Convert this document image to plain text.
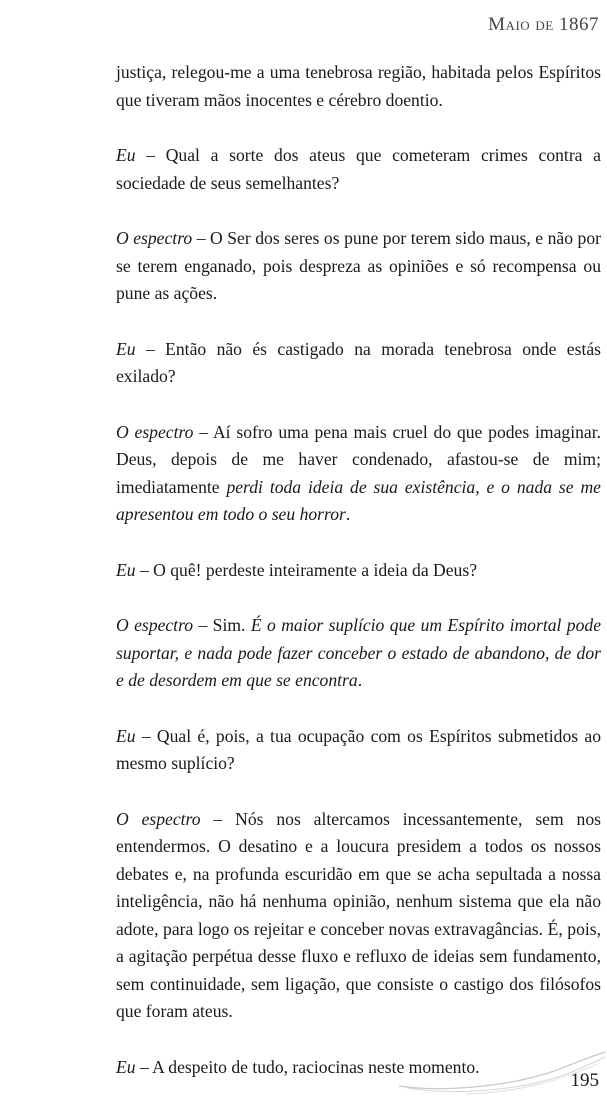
Maio de 1867

justiça, relegou-me a uma tenebrosa região, habitada pelos Espíritos que tiveram mãos inocentes e cérebro doentio.

Eu – Qual a sorte dos ateus que cometeram crimes contra a sociedade de seus semelhantes?

O espectro – O Ser dos seres os pune por terem sido maus, e não por se terem enganado, pois despreza as opiniões e só recompensa ou pune as ações.

Eu – Então não és castigado na morada tenebrosa onde estás exilado?

O espectro – Aí sofro uma pena mais cruel do que podes imaginar. Deus, depois de me haver condenado, afastou-se de mim; imediatamente perdi toda ideia de sua existência, e o nada se me apresentou em todo o seu horror.

Eu – O quê! perdeste inteiramente a ideia da Deus?

O espectro – Sim. É o maior suplício que um Espírito imortal pode suportar, e nada pode fazer conceber o estado de abandono, de dor e de desordem em que se encontra.

Eu – Qual é, pois, a tua ocupação com os Espíritos submetidos ao mesmo suplício?

O espectro – Nós nos altercamos incessantemente, sem nos entendermos. O desatino e a loucura presidem a todos os nossos debates e, na profunda escuridão em que se acha sepultada a nossa inteligência, não há nenhuma opinião, nenhum sistema que ela não adote, para logo os rejeitar e conceber novas extravagâncias. É, pois, a agitação perpétua desse fluxo e refluxo de ideias sem fundamento, sem continuidade, sem ligação, que consiste o castigo dos filósofos que foram ateus.

Eu – A despeito de tudo, raciocinas neste momento.

195
